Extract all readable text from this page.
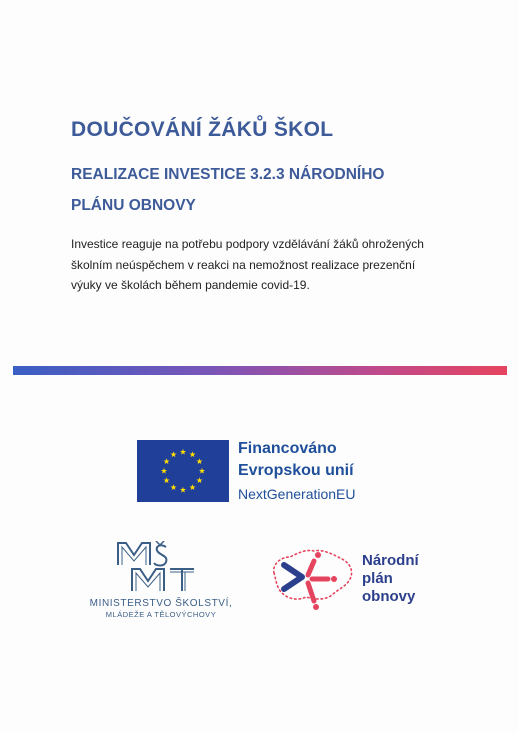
DOUČOVÁNÍ ŽÁKŮ ŠKOL
REALIZACE INVESTICE 3.2.3 NÁRODNÍHO
PLÁNU OBNOVY
Investice reaguje na potřebu podpory vzdělávání žáků ohrožených
školním neúspěchem v reakci na nemožnost realizace prezenční
výuky ve školách během pandemie covid-19.
Financováno
Evropskou unií
NextGenerationEU
MINISTERSTVO ŠKOLSTVÍ,
MLÁDEŽE A TĚLOVÝCHOVY
Národní
plán
obnovy
